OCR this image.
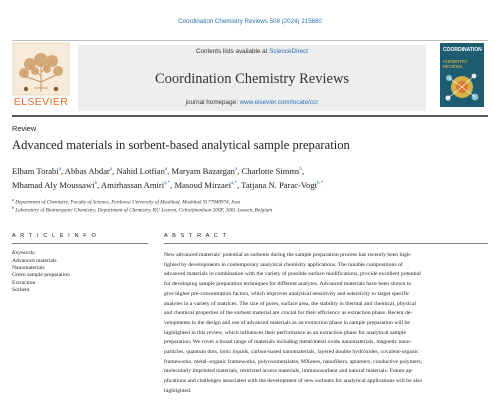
Coordination Chemistry Reviews 508 (2024) 215680
ELSEVIER
Contents lists available at ScienceDirect
Coordination Chemistry Reviews
journal homepage: www.elsevier.com/locate/ccr
COORDINATION
CHEMISTRY REVIEWS
Review
Advanced materials in sorbent-based analytical sample preparation
Elham Torabi$^a$, Abbas Abdar$^a$, Nahid Lotfian$^a$, Maryam Bazargan$^a$, Charlotte Simms$^b$,
Mhamad Aly Moussawi$^b$, Amirhassan Amiri$^{a,*}$, Masoud Mirzaei$^{a,*}$, Tatjana N. Parac-Vogt$^{b,*}$
$^a$ Department of Chemistry, Faculty of Science, Ferdowsi University of Mashhad, Mashhad 9177948974, Iran
$^b$ Laboratory of Bioinorganic Chemistry, Department of Chemistry, KU Leuven, Celestijnenlaan 200F, 3001 Leuven, Belgium
A R T I C L E I N F O	A B S T R A C T
Keywords:
Advanced materials
Nanomaterials
Green sample preparation
Extraction
Sorbent
New advanced materials’ potential as sorbents during the sample preparation process has recently been high-
lighted by developments in contemporary analytical chemistry applications. The tunable compositions of
advanced materials in combination with the variety of possible surface modifications, provide excellent potential
for developing sample preparation techniques for different analytes. Advanced materials have been shown to
give higher pre-concentration factors, which improves analytical sensitivity and selectivity to target specific
analytes in a variety of matrices. The size of pores, surface area, the stability in thermal and chemical, physical
and chemical properties of the sorbent material are crucial for their efficiency as extraction phase. Recent de-
velopments in the design and use of advanced materials as an extraction phase in sample preparation will be
highlighted in this review, which influences their performance as an extraction phase for analytical sample
preparation. We cover a broad range of materials including metal/metal oxide nanomaterials, magnetic nano-
particles, quantum dots, ionic liquids, carbon-based nanomaterials, layered double hydroxides, covalent-organic
frameworks, metal–organic frameworks, polyoxometalates, MXenes, nanofibers, aptamers, conductive polymers,
molecularly imprinted materials, restricted access materials, immunosorbent and natural materials. Future ap-
plications and challenges associated with the development of new sorbents for analytical applications will be also
highlighted.
